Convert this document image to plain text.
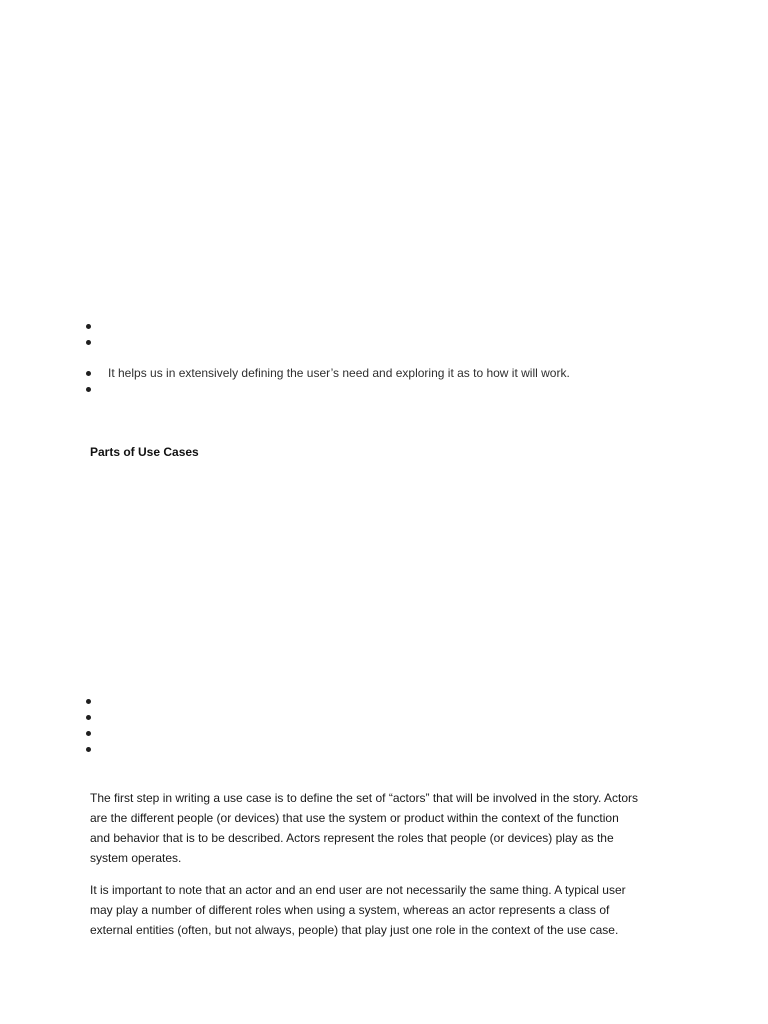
It helps us in extensively defining the user’s need and exploring it as to how it will work.
Parts of Use Cases

The first step in writing a use case is to define the set of “actors” that will be involved in the story. Actors
are the different people (or devices) that use the system or product within the context of the function
and behavior that is to be described. Actors represent the roles that people (or devices) play as the
system operates.

It is important to note that an actor and an end user are not necessarily the same thing. A typical user
may play a number of different roles when using a system, whereas an actor represents a class of
external entities (often, but not always, people) that play just one role in the context of the use case.
